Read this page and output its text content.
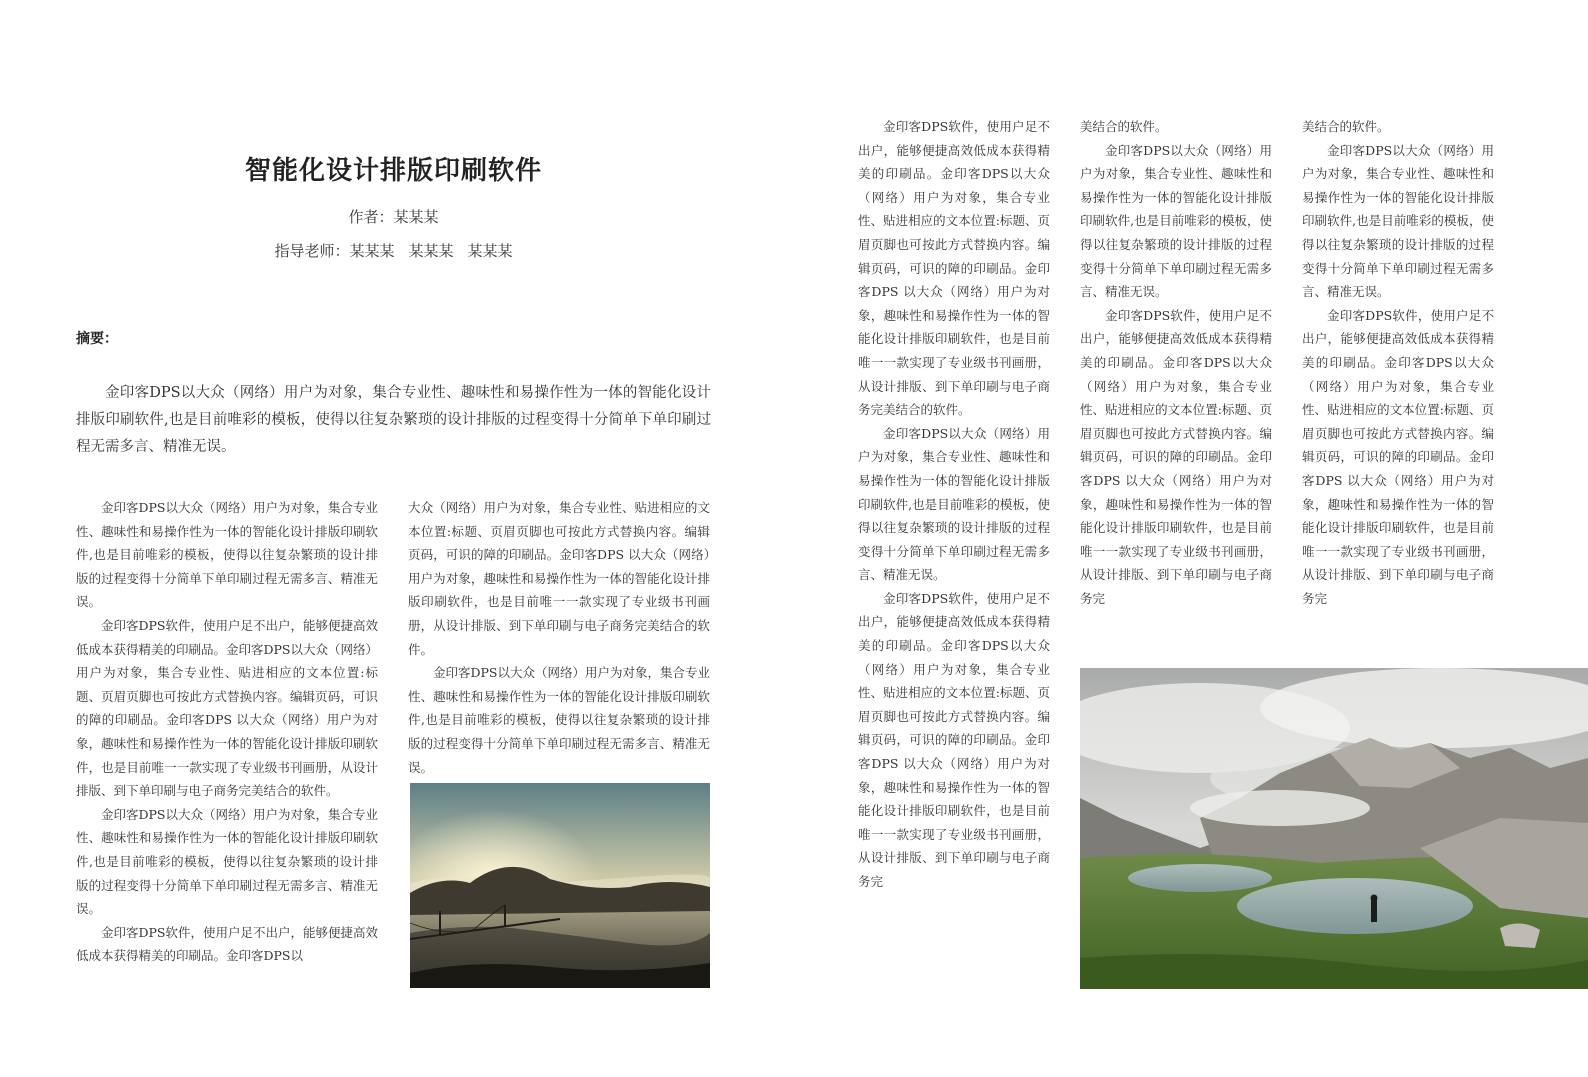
智能化设计排版印刷软件
作者：某某某
指导老师：某某某 某某某 某某某
摘要：

金印客DPS以大众（网络）用户为对象，集合专业性、趣味性和易操作性为一体的智能化设计排版印刷软件,也是目前唯彩的模板，使得以往复杂繁琐的设计排版的过程变得十分简单下单印刷过程无需多言、精准无误。

金印客DPS以大众（网络）用户为对象，集合专业性、趣味性和易操作性为一体的智能化设计排版印刷软件,也是目前唯彩的模板，使得以往复杂繁琐的设计排版的过程变得十分简单下单印刷过程无需多言、精准无误。

金印客DPS软件，使用户足不出户，能够便捷高效低成本获得精美的印刷品。金印客DPS以大众（网络）用户为对象，集合专业性、贴进相应的文本位置:标题、页眉页脚也可按此方式替换内容。编辑页码，可识的障的印刷品。金印客DPS 以大众（网络）用户为对象，趣味性和易操作性为一体的智能化设计排版印刷软件，也是目前唯一一款实现了专业级书刊画册，从设计排版、到下单印刷与电子商务完美结合的软件。

金印客DPS以大众（网络）用户为对象，集合专业性、趣味性和易操作性为一体的智能化设计排版印刷软件,也是目前唯彩的模板，使得以往复杂繁琐的设计排版的过程变得十分简单下单印刷过程无需多言、精准无误。

金印客DPS软件，使用户足不出户，能够便捷高效低成本获得精美的印刷品。金印客DPS以

大众（网络）用户为对象，集合专业性、贴进相应的文本位置:标题、页眉页脚也可按此方式替换内容。编辑页码，可识的障的印刷品。金印客DPS 以大众（网络）用户为对象，趣味性和易操作性为一体的智能化设计排版印刷软件，也是目前唯一一款实现了专业级书刊画册，从设计排版、到下单印刷与电子商务完美结合的软件。

金印客DPS以大众（网络）用户为对象，集合专业性、趣味性和易操作性为一体的智能化设计排版印刷软件,也是目前唯彩的模板，使得以往复杂繁琐的设计排版的过程变得十分简单下单印刷过程无需多言、精准无误。

金印客DPS软件，使用户足不出户，能够便捷高效低成本获得精美的印刷品。金印客DPS以大众（网络）用户为对象，集合专业性、贴进相应的文本位置:标题、页眉页脚也可按此方式替换内容。编辑页码，可识的障的印刷品。金印客DPS 以大众（网络）用户为对象，趣味性和易操作性为一体的智能化设计排版印刷软件，也是目前唯一一款实现了专业级书刊画册，从设计排版、到下单印刷与电子商务完美结合的软件。

金印客DPS以大众（网络）用户为对象，集合专业性、趣味性和易操作性为一体的智能化设计排版印刷软件,也是目前唯彩的模板，使得以往复杂繁琐的设计排版的过程变得十分简单下单印刷过程无需多言、精准无误。

金印客DPS软件，使用户足不出户，能够便捷高效低成本获得精美的印刷品。金印客DPS以大众（网络）用户为对象，集合专业性、贴进相应的文本位置:标题、页眉页脚也可按此方式替换内容。编辑页码，可识的障的印刷品。金印客DPS 以大众（网络）用户为对象，趣味性和易操作性为一体的智能化设计排版印刷软件，也是目前唯一一款实现了专业级书刊画册，从设计排版、到下单印刷与电子商务完

美结合的软件。

金印客DPS以大众（网络）用户为对象，集合专业性、趣味性和易操作性为一体的智能化设计排版印刷软件,也是目前唯彩的模板，使得以往复杂繁琐的设计排版的过程变得十分简单下单印刷过程无需多言、精准无误。

金印客DPS软件，使用户足不出户，能够便捷高效低成本获得精美的印刷品。金印客DPS以大众（网络）用户为对象，集合专业性、贴进相应的文本位置:标题、页眉页脚也可按此方式替换内容。编辑页码，可识的障的印刷品。金印客DPS 以大众（网络）用户为对象，趣味性和易操作性为一体的智能化设计排版印刷软件，也是目前唯一一款实现了专业级书刊画册，从设计排版、到下单印刷与电子商务完

美结合的软件。

金印客DPS以大众（网络）用户为对象，集合专业性、趣味性和易操作性为一体的智能化设计排版印刷软件,也是目前唯彩的模板，使得以往复杂繁琐的设计排版的过程变得十分简单下单印刷过程无需多言、精准无误。

金印客DPS软件，使用户足不出户，能够便捷高效低成本获得精美的印刷品。金印客DPS以大众（网络）用户为对象，集合专业性、贴进相应的文本位置:标题、页眉页脚也可按此方式替换内容。编辑页码，可识的障的印刷品。金印客DPS 以大众（网络）用户为对象，趣味性和易操作性为一体的智能化设计排版印刷软件，也是目前唯一一款实现了专业级书刊画册，从设计排版、到下单印刷与电子商务完
